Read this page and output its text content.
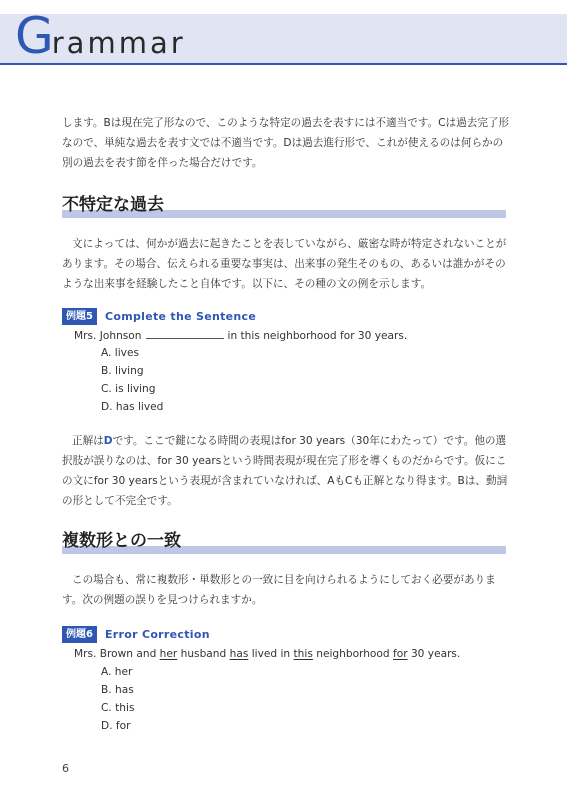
Grammar
します。Bは現在完了形なので、このような特定の過去を表すには不適当です。Cは過去完了形なので、単純な過去を表す文では不適当です。Dは過去進行形で、これが使えるのは何らかの別の過去を表す節を伴った場合だけです。
不特定な過去
文によっては、何かが過去に起きたことを表していながら、厳密な時が特定されないことがあります。その場合、伝えられる重要な事実は、出来事の発生そのもの、あるいは誰かがそのような出来事を経験したこと自体です。以下に、その種の文の例を示します。
例題5 Complete the Sentence
Mrs. Johnson	in this neighborhood for 30 years.
A. lives
B. living
C. is living
D. has lived
正解はDです。ここで鍵になる時間の表現はfor 30 years（30年にわたって）です。他の選択肢が誤りなのは、for 30 yearsという時間表現が現在完了形を導くものだからです。仮にこの文にfor 30 yearsという表現が含まれていなければ、AもCも正解となり得ます。Bは、動詞の形として不完全です。
複数形との一致
この場合も、常に複数形・単数形との一致に目を向けられるようにしておく必要があります。次の例題の誤りを見つけられますか。
例題6 Error Correction
Mrs. Brown and her husband has lived in this neighborhood for 30 years.
A. her
B. has
C. this
D. for
6
